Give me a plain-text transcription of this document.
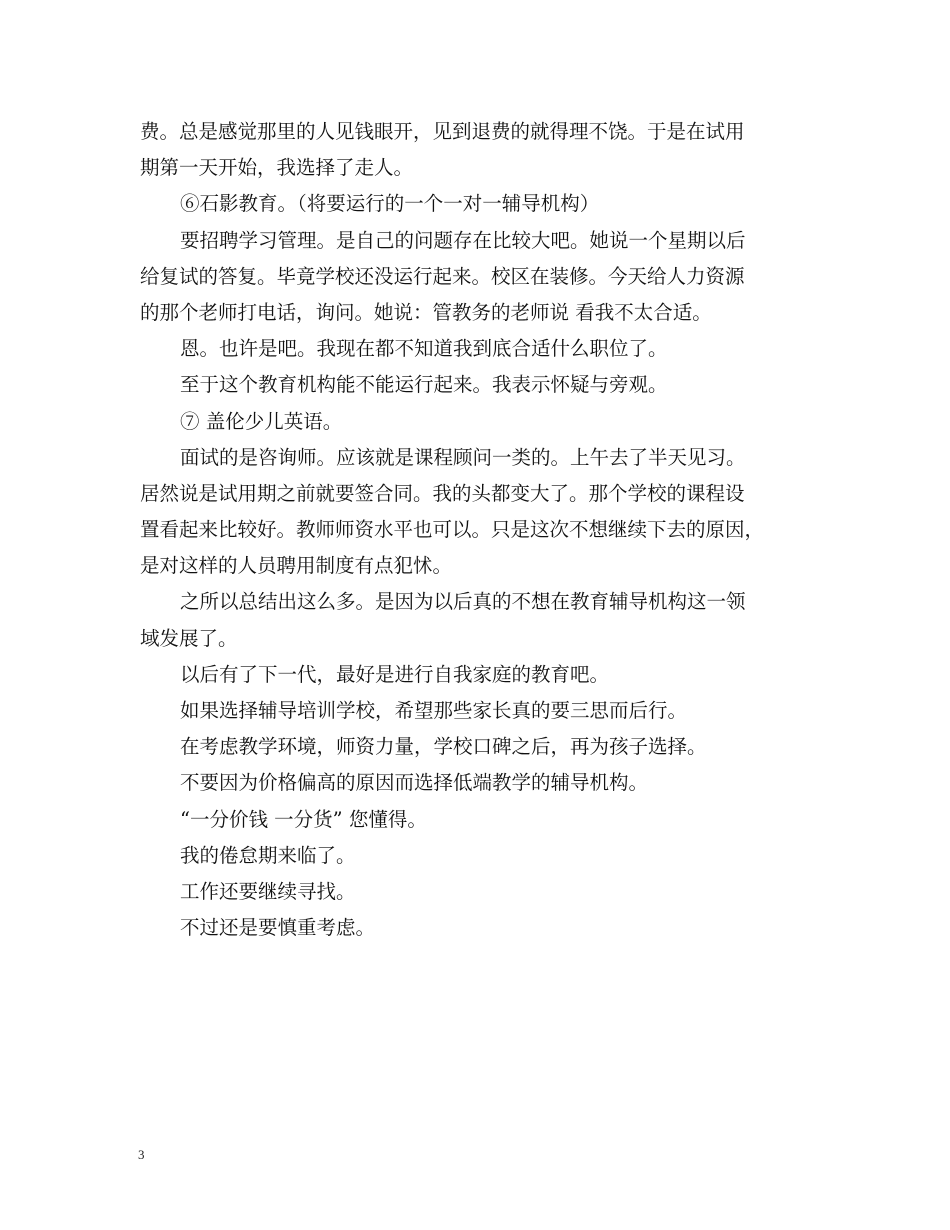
费。总是感觉那里的人见钱眼开，见到退费的就得理不饶。于是在试用
期第一天开始，我选择了走人。
⑥石影教育。（将要运行的一个一对一辅导机构）
要招聘学习管理。是自己的问题存在比较大吧。她说一个星期以后
给复试的答复。毕竟学校还没运行起来。校区在装修。今天给人力资源
的那个老师打电话，询问。她说：管教务的老师说 看我不太合适。
恩。也许是吧。我现在都不知道我到底合适什么职位了。
至于这个教育机构能不能运行起来。我表示怀疑与旁观。
⑦ 盖伦少儿英语。
面试的是咨询师。应该就是课程顾问一类的。上午去了半天见习。
居然说是试用期之前就要签合同。我的头都变大了。那个学校的课程设
置看起来比较好。教师师资水平也可以。只是这次不想继续下去的原因，
是对这样的人员聘用制度有点犯怵。
之所以总结出这么多。是因为以后真的不想在教育辅导机构这一领
域发展了。
以后有了下一代，最好是进行自我家庭的教育吧。
如果选择辅导培训学校，希望那些家长真的要三思而后行。
在考虑教学环境，师资力量，学校口碑之后，再为孩子选择。
不要因为价格偏高的原因而选择低端教学的辅导机构。
“一分价钱 一分货” 您懂得。
我的倦怠期来临了。
工作还要继续寻找。
不过还是要慎重考虑。
3
